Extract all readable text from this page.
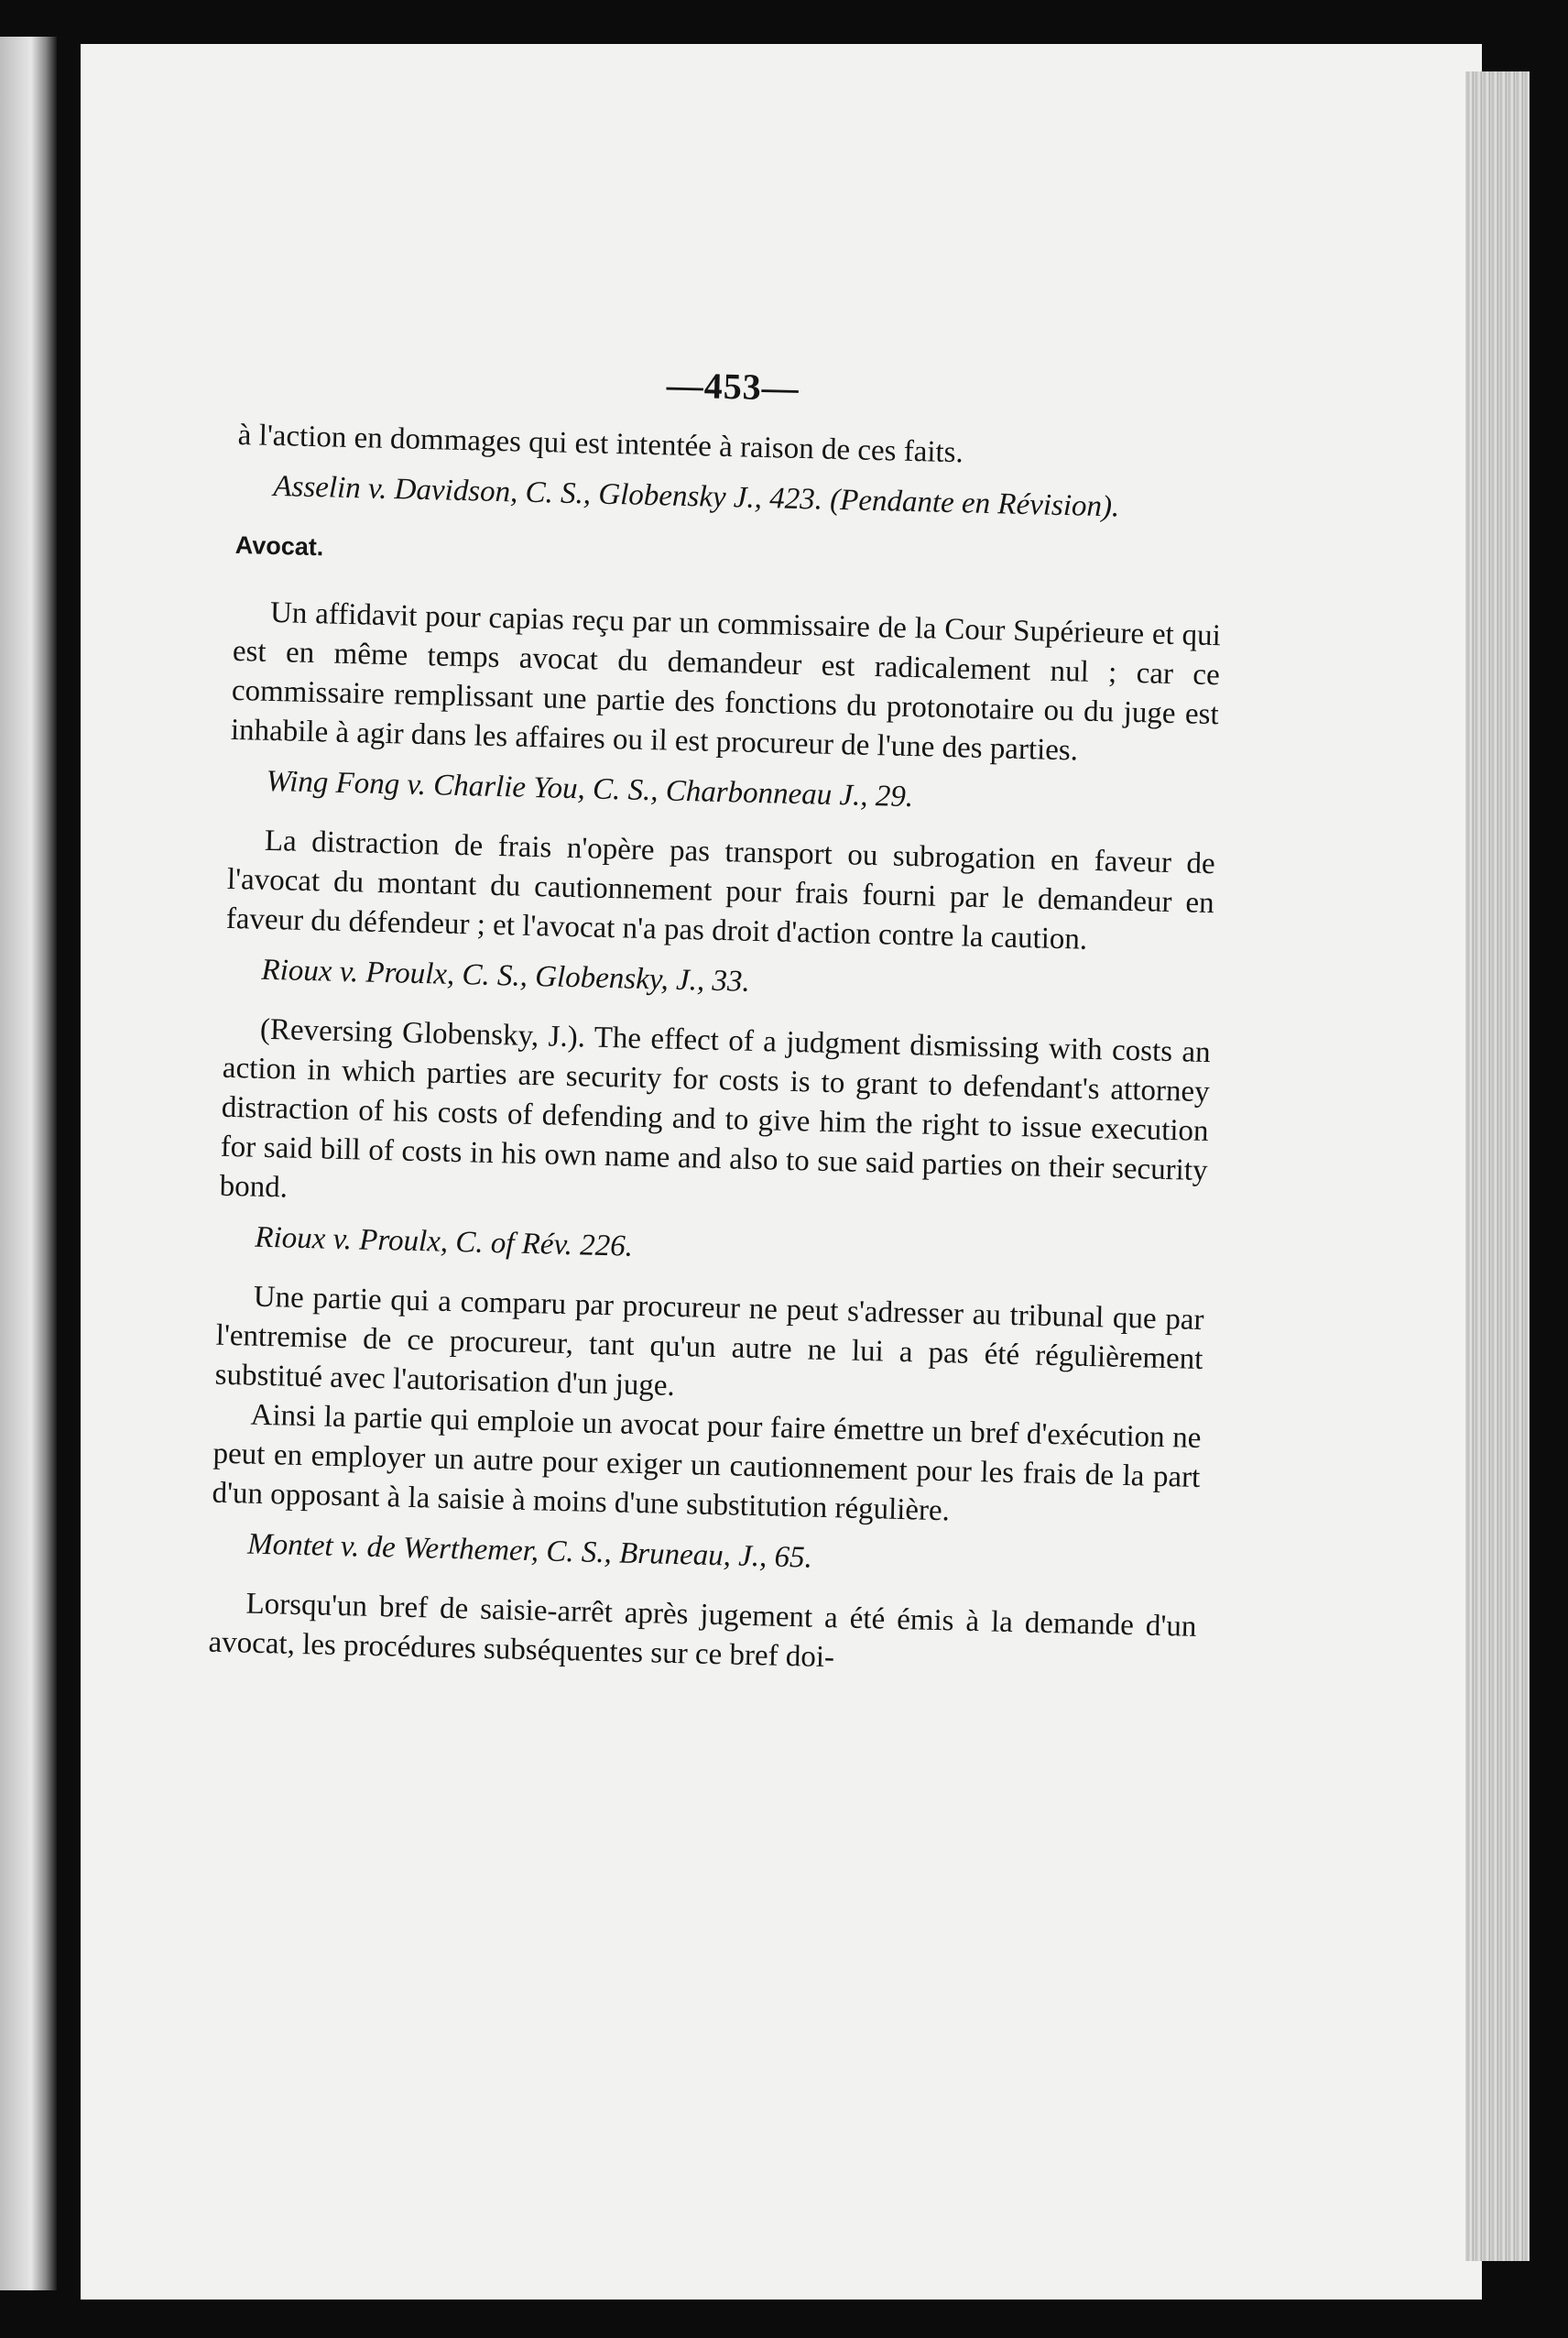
—453—

à l'action en dommages qui est intentée à raison de ces faits.

Asselin v. Davidson, C. S., Globensky J., 423. (Pendante en Révision).

Avocat.

Un affidavit pour capias reçu par un commissaire de la Cour Supérieure et qui est en même temps avocat du demandeur est radicalement nul ; car ce commissaire remplissant une partie des fonctions du protonotaire ou du juge est inhabile à agir dans les affaires ou il est procureur de l'une des parties.

Wing Fong v. Charlie You, C. S., Charbonneau J., 29.

La distraction de frais n'opère pas transport ou subrogation en faveur de l'avocat du montant du cautionnement pour frais fourni par le demandeur en faveur du défendeur ; et l'avocat n'a pas droit d'action contre la caution.

Rioux v. Proulx, C. S., Globensky, J., 33.

(Reversing Globensky, J.). The effect of a judgment dismissing with costs an action in which parties are security for costs is to grant to defendant's attorney distraction of his costs of defending and to give him the right to issue execution for said bill of costs in his own name and also to sue said parties on their security bond.

Rioux v. Proulx, C. of Rév. 226.

Une partie qui a comparu par procureur ne peut s'adresser au tribunal que par l'entremise de ce procureur, tant qu'un autre ne lui a pas été régulièrement substitué avec l'autorisation d'un juge.

Ainsi la partie qui emploie un avocat pour faire émettre un bref d'exécution ne peut en employer un autre pour exiger un cautionnement pour les frais de la part d'un opposant à la saisie à moins d'une substitution régulière.

Montet v. de Werthemer, C. S., Bruneau, J., 65.

Lorsqu'un bref de saisie-arrêt après jugement a été émis à la demande d'un avocat, les procédures subséquentes sur ce bref doi-
